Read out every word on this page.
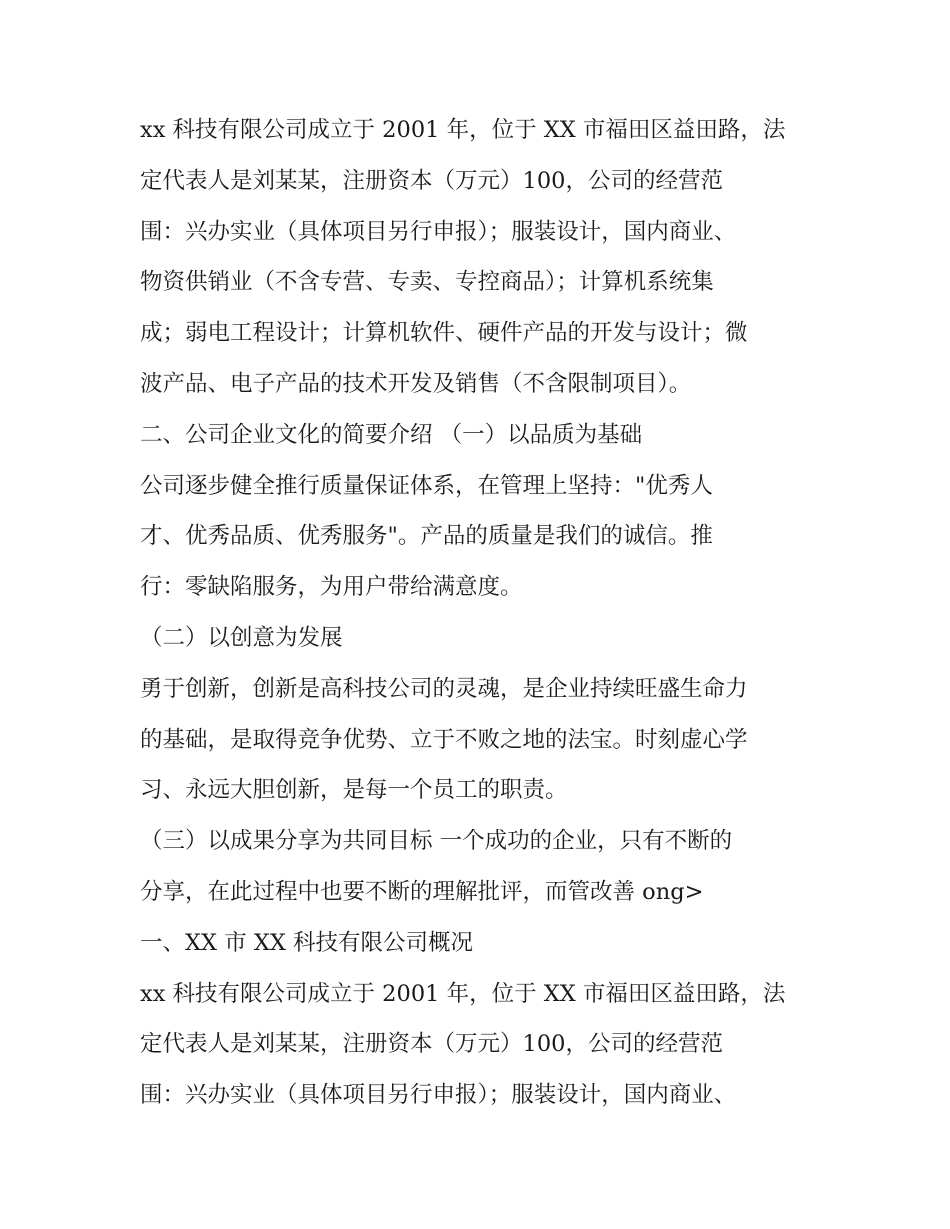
xx 科技有限公司成立于 2001 年，位于 XX 市福田区益田路，法
定代表人是刘某某，注册资本（万元）100，公司的经营范
围：兴办实业（具体项目另行申报）；服装设计，国内商业、
物资供销业（不含专营、专卖、专控商品）；计算机系统集
成；弱电工程设计；计算机软件、硬件产品的开发与设计；微
波产品、电子产品的技术开发及销售（不含限制项目）。
二、公司企业文化的简要介绍 （一）以品质为基础
公司逐步健全推行质量保证体系，在管理上坚持："优秀人
才、优秀品质、优秀服务"。产品的质量是我们的诚信。推
行：零缺陷服务，为用户带给满意度。
（二）以创意为发展
勇于创新，创新是高科技公司的灵魂，是企业持续旺盛生命力
的基础，是取得竞争优势、立于不败之地的法宝。时刻虚心学
习、永远大胆创新，是每一个员工的职责。
（三）以成果分享为共同目标 一个成功的企业，只有不断的
分享，在此过程中也要不断的理解批评，而管改善 ong>
一、XX 市 XX 科技有限公司概况
xx 科技有限公司成立于 2001 年，位于 XX 市福田区益田路，法
定代表人是刘某某，注册资本（万元）100，公司的经营范
围：兴办实业（具体项目另行申报）；服装设计，国内商业、
